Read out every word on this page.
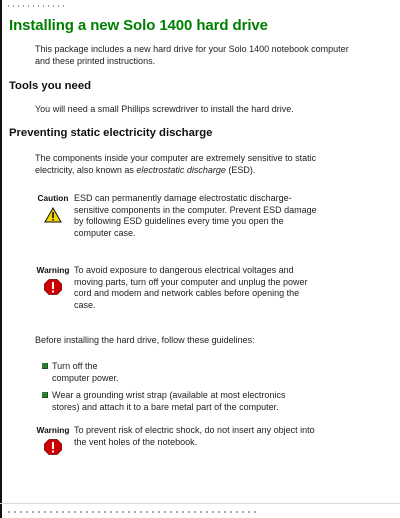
Installing a new Solo 1400 hard drive

This package includes a new hard drive for your Solo 1400 notebook computer and these printed instructions.

Tools you need

You will need a small Phillips screwdriver to install the hard drive.

Preventing static electricity discharge

The components inside your computer are extremely sensitive to static electricity, also known as electrostatic discharge (ESD).

Caution ESD can permanently damage electrostatic discharge-sensitive components in the computer. Prevent ESD damage by following ESD guidelines every time you open the computer case.
Warning To avoid exposure to dangerous electrical voltages and moving parts, turn off your computer and unplug the power cord and modem and network cables before opening the case.

Before installing the hard drive, follow these guidelines:

Turn off the computer power.
Wear a grounding wrist strap (available at most electronics stores) and attach it to a bare metal part of the computer.
Warning To prevent risk of electric shock, do not insert any object into the vent holes of the notebook.
